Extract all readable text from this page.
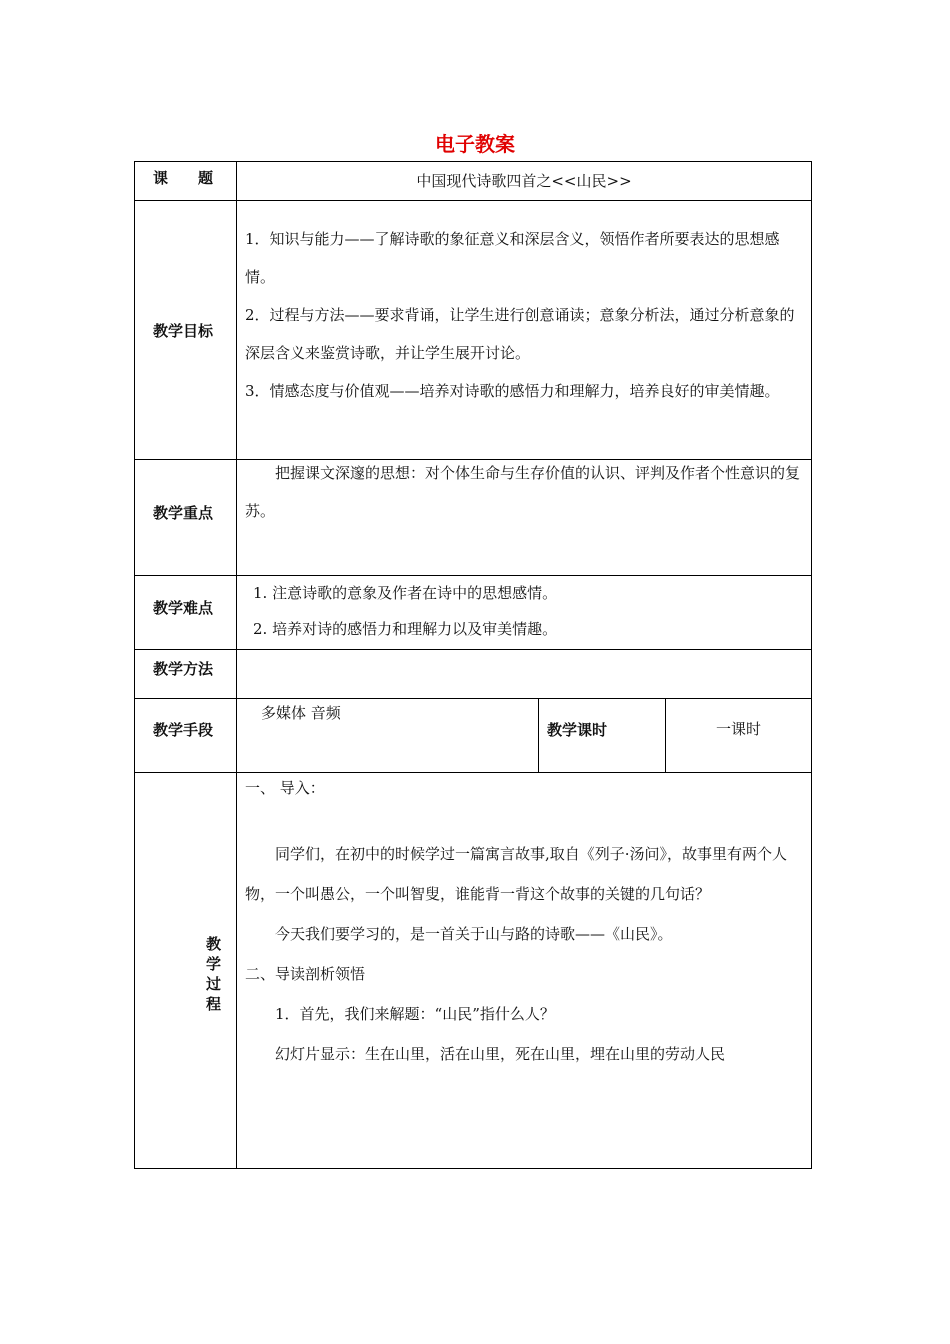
电子教案
课　　题	中国现代诗歌四首之<<山民>>
教学目标

1．知识与能力——了解诗歌的象征意义和深层含义，领悟作者所要表达的思想感情。

2．过程与方法——要求背诵，让学生进行创意诵读；意象分析法，通过分析意象的深层含义来鉴赏诗歌，并让学生展开讨论。

3．情感态度与价值观——培养对诗歌的感悟力和理解力，培养良好的审美情趣。

教学重点

把握课文深邃的思想：对个体生命与生存价值的认识、评判及作者个性意识的复苏。

教学难点

1. 注意诗歌的意象及作者在诗中的思想感情。

2. 培养对诗的感悟力和理解力以及审美情趣。

教学方法
教学手段
多媒体 音频
教学课时	一课时
教学
过程

一、 导入：

同学们，在初中的时候学过一篇寓言故事,取自《列子·汤问》，故事里有两个人物，一个叫愚公，一个叫智叟，谁能背一背这个故事的关键的几句话？

今天我们要学习的，是一首关于山与路的诗歌——《山民》。

二、导读剖析领悟

1．首先，我们来解题：“山民”指什么人？

幻灯片显示：生在山里，活在山里，死在山里，埋在山里的劳动人民
